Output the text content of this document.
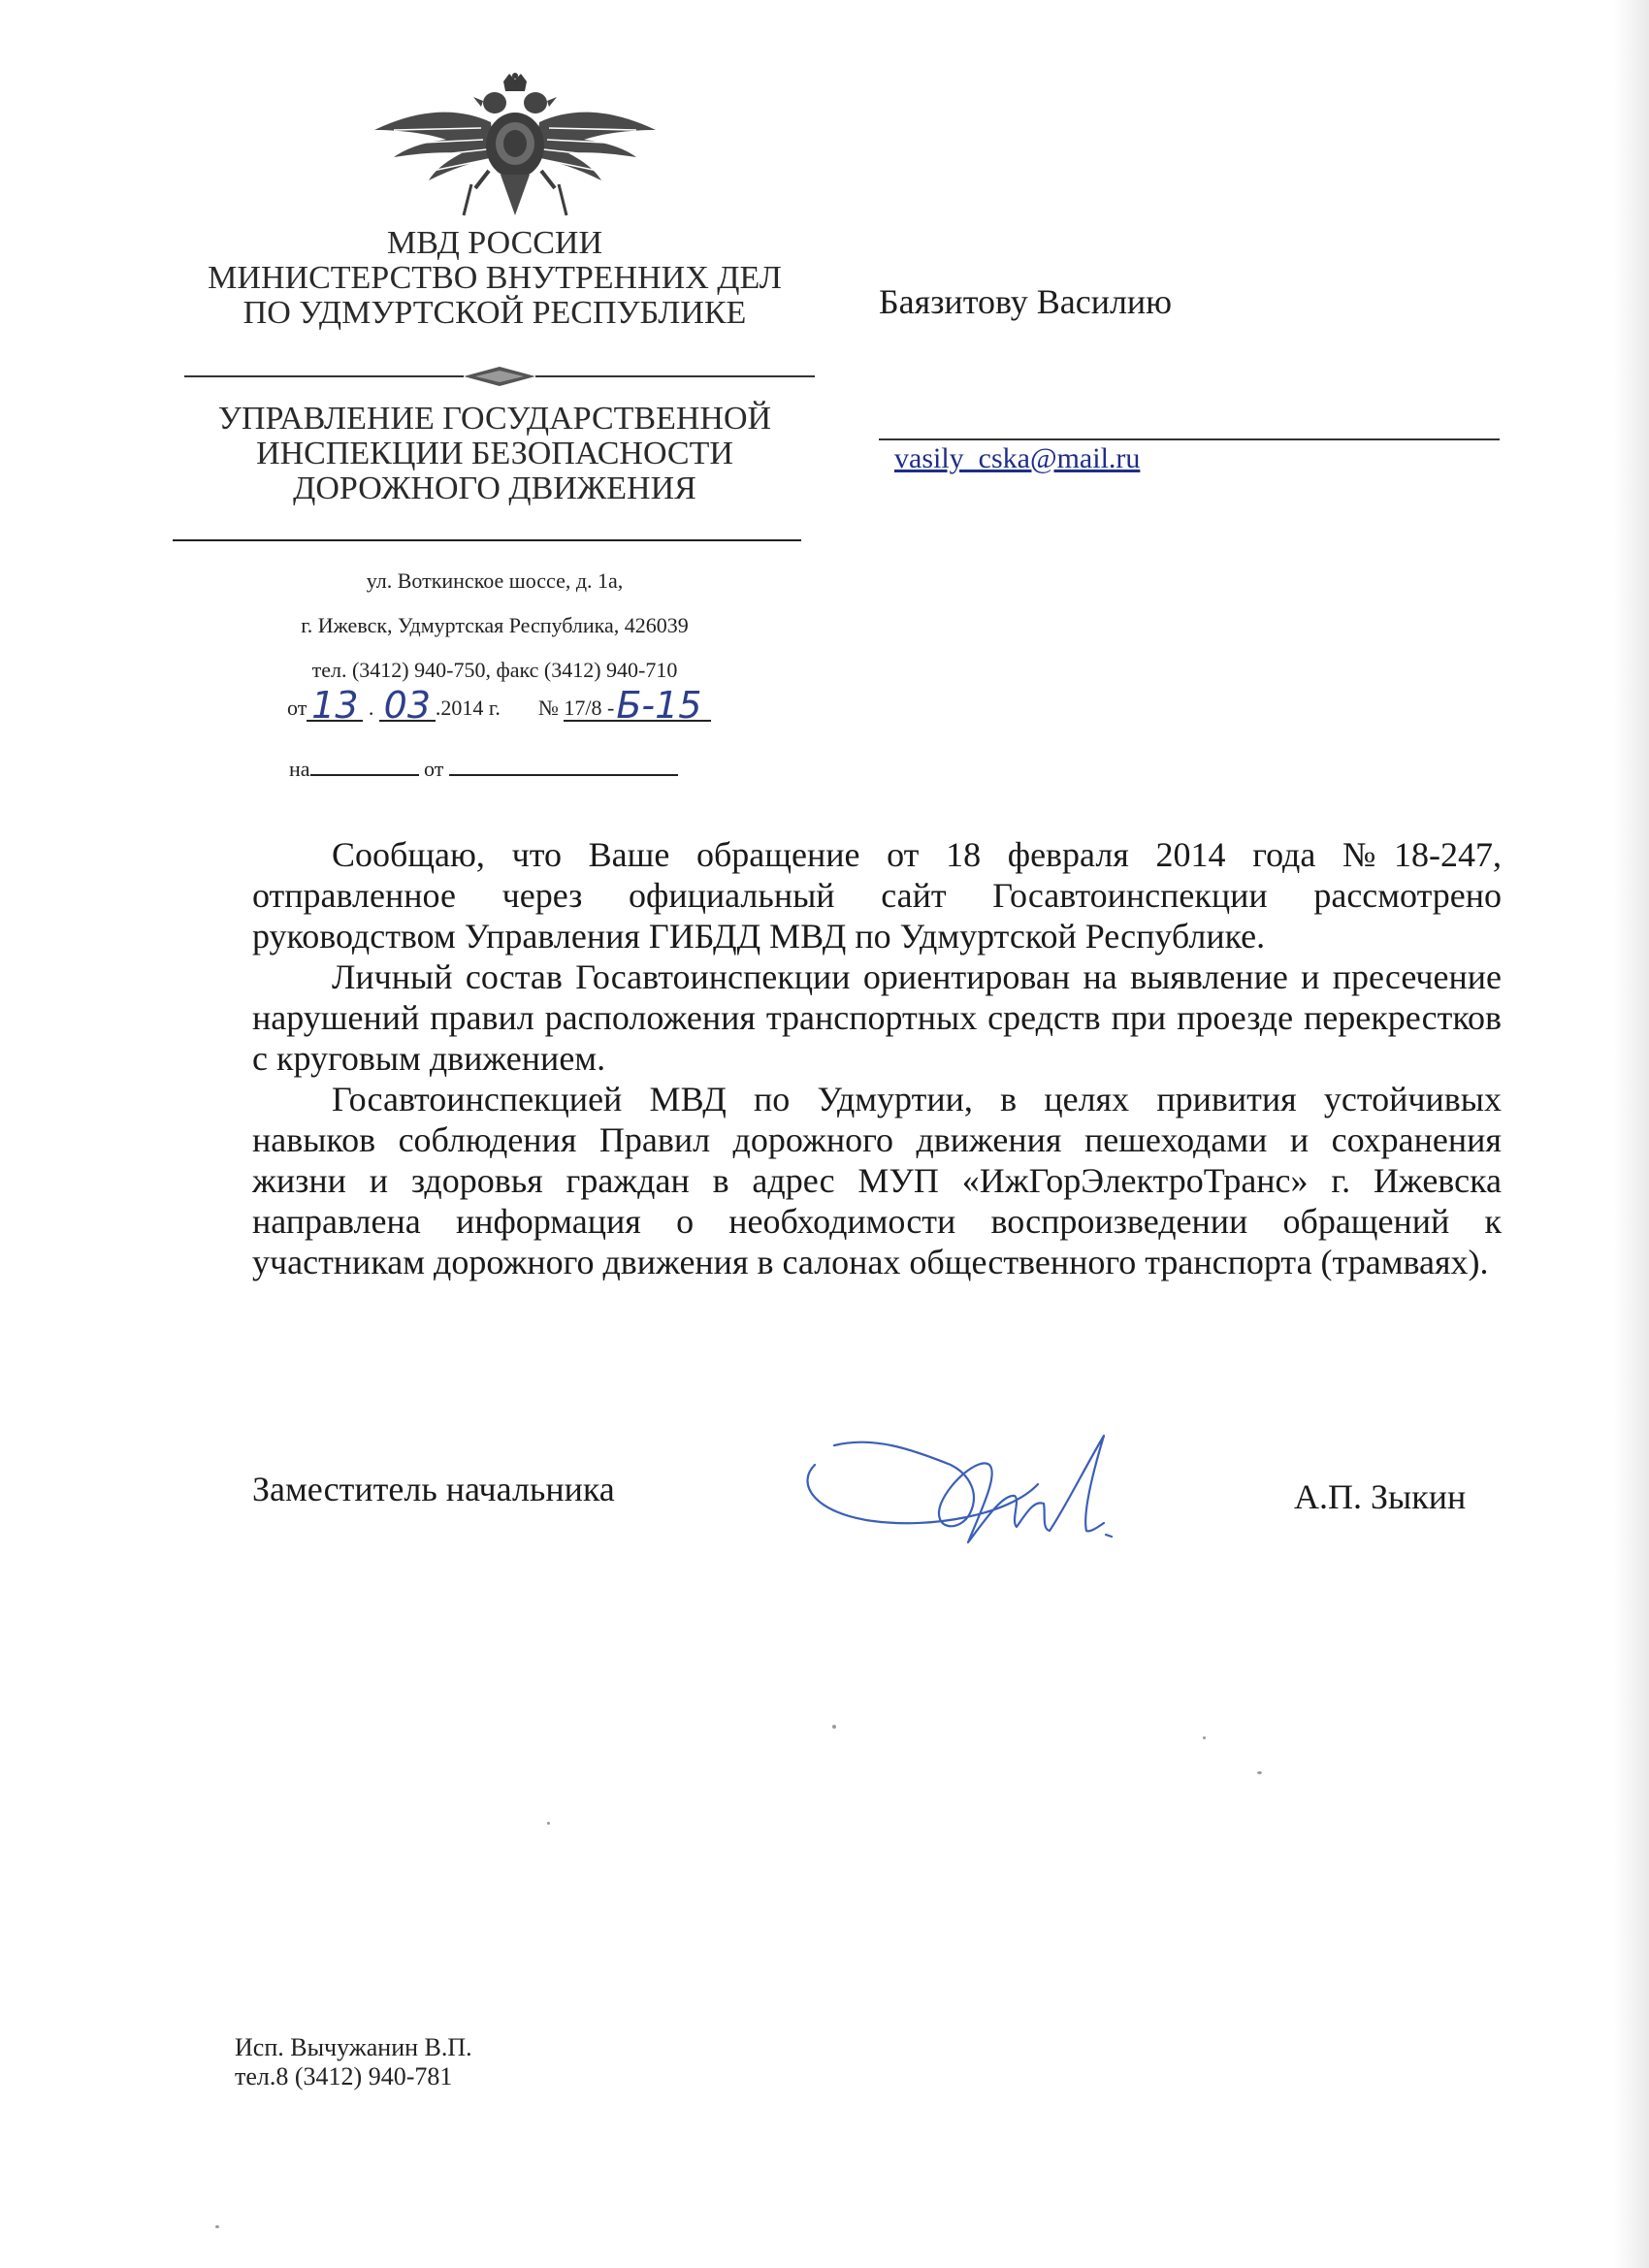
МВД РОССИИ
МИНИСТЕРСТВО ВНУТРЕННИХ ДЕЛ
ПО УДМУРТСКОЙ РЕСПУБЛИКЕ
УПРАВЛЕНИЕ ГОСУДАРСТВЕННОЙ
ИНСПЕКЦИИ БЕЗОПАСНОСТИ
ДОРОЖНОГО ДВИЖЕНИЯ
ул. Воткинское шоссе, д. 1а,
г. Ижевск, Удмуртская Республика, 426039
тел. (3412) 940-750, факс (3412) 940-710
от 13 . 03 .2014 г. № 17/8 -Б-15
на	от
Баязитову Василию
vasily_cska@mail.ru

Сообщаю, что Ваше обращение от 18 февраля 2014 года №18-247, отправленное через официальный сайт Госавтоинспекции рассмотрено руководством Управления ГИБДД МВД по Удмуртской Республике.

Личный состав Госавтоинспекции ориентирован на выявление и пресечение нарушений правил расположения транспортных средств при проезде перекрестков с круговым движением.

Госавтоинспекцией МВД по Удмуртии, в целях привития устойчивых навыков соблюдения Правил дорожного движения пешеходами и сохранения жизни и здоровья граждан в адрес МУП «ИжГорЭлектроТранс» г. Ижевска направлена информация о необходимости воспроизведении обращений к участникам дорожного движения в салонах общественного транспорта (трамваях).

Заместитель начальника	А.П. Зыкин
Исп. Вычужанин В.П.
тел.8 (3412) 940-781
